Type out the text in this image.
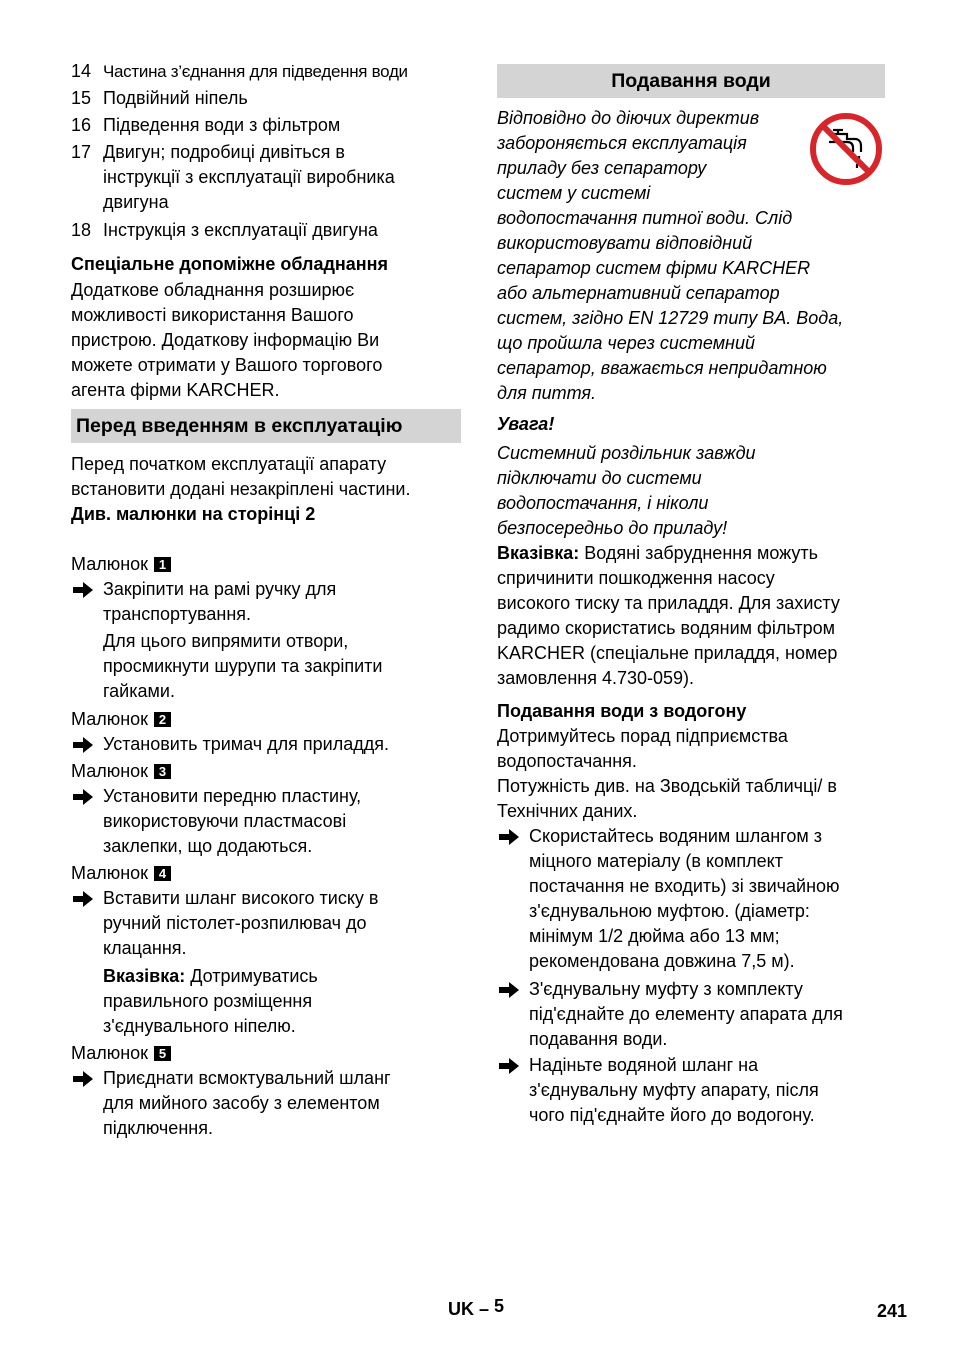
14 Частина з’єднання для підведення води
15 Подвійний ніпель
16 Підведення води з фільтром
17 Двигун; подробиці дивіться в
інструкції з експлуатації виробника
двигуна
18 Інструкція з експлуатації двигуна
Спеціальне допоміжне обладнання
Додаткове обладнання розширює
можливості використання Вашого
пристрою. Додаткову інформацію Ви
можете отримати у Вашого торгового
агента фірми KARCHER.
Перед введенням в експлуатацію
Перед початком експлуатації апарату
встановити додані незакріплені частини.
Див. малюнки на сторінці 2
Малюнок 1
Закріпити на рамі ручку для
транспортування.
Для цього випрямити отвори,
просмикнути шурупи та закріпити
гайками.
Малюнок 2
Установить тримач для приладдя.
Малюнок 3
Установити передню пластину,
використовуючи пластмасові
заклепки, що додаються.
Малюнок 4
Вставити шланг високого тиску в
ручний пістолет-розпилювач до
клацання.
Вказівка: Дотримуватись
правильного розміщення
з'єднувального ніпелю.
Малюнок 5
Приєднати всмоктувальний шланг
для мийного засобу з елементом
підключення.
Подавання води
Відповідно до діючих директив
забороняється експлуатація
приладу без сепаратору
систем у системі
водопостачання питної води. Слід
використовувати відповідний
сепаратор систем фірми KARCHER
або альтернативний сепаратор
систем, згідно EN 12729 типу BA. Вода,
що пройшла через системний
сепаратор, вважається непридатною
для пиття.
Увага!
Системний роздільник завжди
підключати до системи
водопостачання, і ніколи
безпосередньо до приладу!
Вказівка: Водяні забруднення можуть
спричинити пошкодження насосу
високого тиску та приладдя. Для захисту
радимо скористатись водяним фільтром
KARCHER (спеціальне приладдя, номер
замовлення 4.730-059).
Подавання води з водогону
Дотримуйтесь порад підприємства
водопостачання.
Потужність див. на Зводській табличці/ в
Технічних даних.
Скористайтесь водяним шлангом з
міцного матеріалу (в комплект
постачання не входить) зі звичайною
з'єднувальною муфтою. (діаметр:
мінімум 1/2 дюйма або 13 мм;
рекомендована довжина 7,5 м).
З'єднувальну муфту з комплекту
під'єднайте до елементу апарата для
подавання води.
Надіньте водяной шланг на
з'єднувальну муфту апарату, після
чого під'єднайте його до водогону.
UK – 5	241
